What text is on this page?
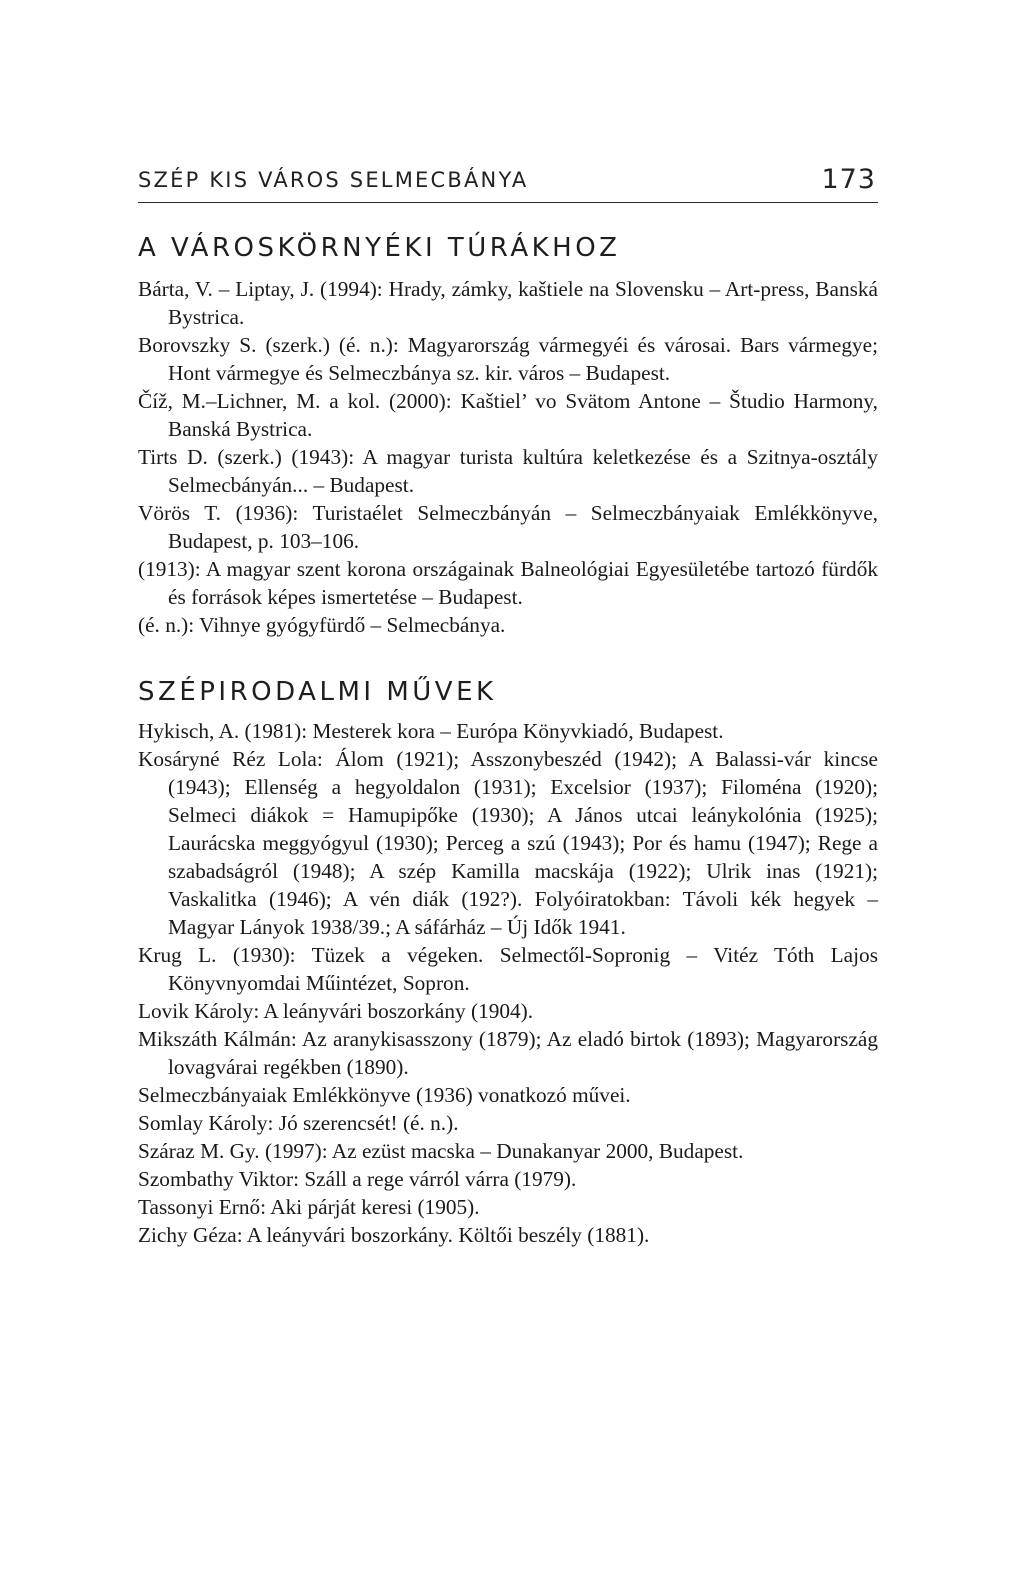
SZÉP KIS VÁROS SELMECBÁNYA	173
A VÁROSKÖRNYÉKI TÚRÁKHOZ
Bárta, V. – Liptay, J. (1994): Hrady, zámky, kaštiele na Slovensku – Art-press, Banská Bystrica.
Borovszky S. (szerk.) (é. n.): Magyarország vármegyéi és városai. Bars vármegye; Hont vármegye és Selmeczbánya sz. kir. város – Budapest.
Číž, M.–Lichner, M. a kol. (2000): Kaštiel’ vo Svätom Antone – Študio Harmony, Banská Bystrica.
Tirts D. (szerk.) (1943): A magyar turista kultúra keletkezése és a Szitnya-osztály Selmecbányán... – Budapest.
Vörös T. (1936): Turistaélet Selmeczbányán – Selmeczbányaiak Emlékkönyve, Budapest, p. 103–106.
(1913): A magyar szent korona országainak Balneológiai Egyesületébe tartozó fürdők és források képes ismertetése – Budapest.
(é. n.): Vihnye gyógyfürdő – Selmecbánya.
SZÉPIRODALMI MŰVEK
Hykisch, A. (1981): Mesterek kora – Európa Könyvkiadó, Budapest.
Kosáryné Réz Lola: Álom (1921); Asszonybeszéd (1942); A Balassi-vár kincse (1943); Ellenség a hegyoldalon (1931); Excelsior (1937); Filoména (1920); Selmeci diákok = Hamupipőke (1930); A János utcai leánykolónia (1925); Laurácska meggyógyul (1930); Perceg a szú (1943); Por és hamu (1947); Rege a szabadságról (1948); A szép Kamilla macskája (1922); Ulrik inas (1921); Vaskalitka (1946); A vén diák (192?). Folyóiratokban: Távoli kék hegyek – Magyar Lányok 1938/39.; A sáfárház – Új Idők 1941.
Krug L. (1930): Tüzek a végeken. Selmectől-Sopronig – Vitéz Tóth Lajos Könyvnyomdai Műintézet, Sopron.
Lovik Károly: A leányvári boszorkány (1904).
Mikszáth Kálmán: Az aranykisasszony (1879); Az eladó birtok (1893); Magyarország lovagvárai regékben (1890).
Selmeczbányaiak Emlékkönyve (1936) vonatkozó művei.
Somlay Károly: Jó szerencsét! (é. n.).
Száraz M. Gy. (1997): Az ezüst macska – Dunakanyar 2000, Budapest.
Szombathy Viktor: Száll a rege várról várra (1979).
Tassonyi Ernő: Aki párját keresi (1905).
Zichy Géza: A leányvári boszorkány. Költői beszély (1881).
